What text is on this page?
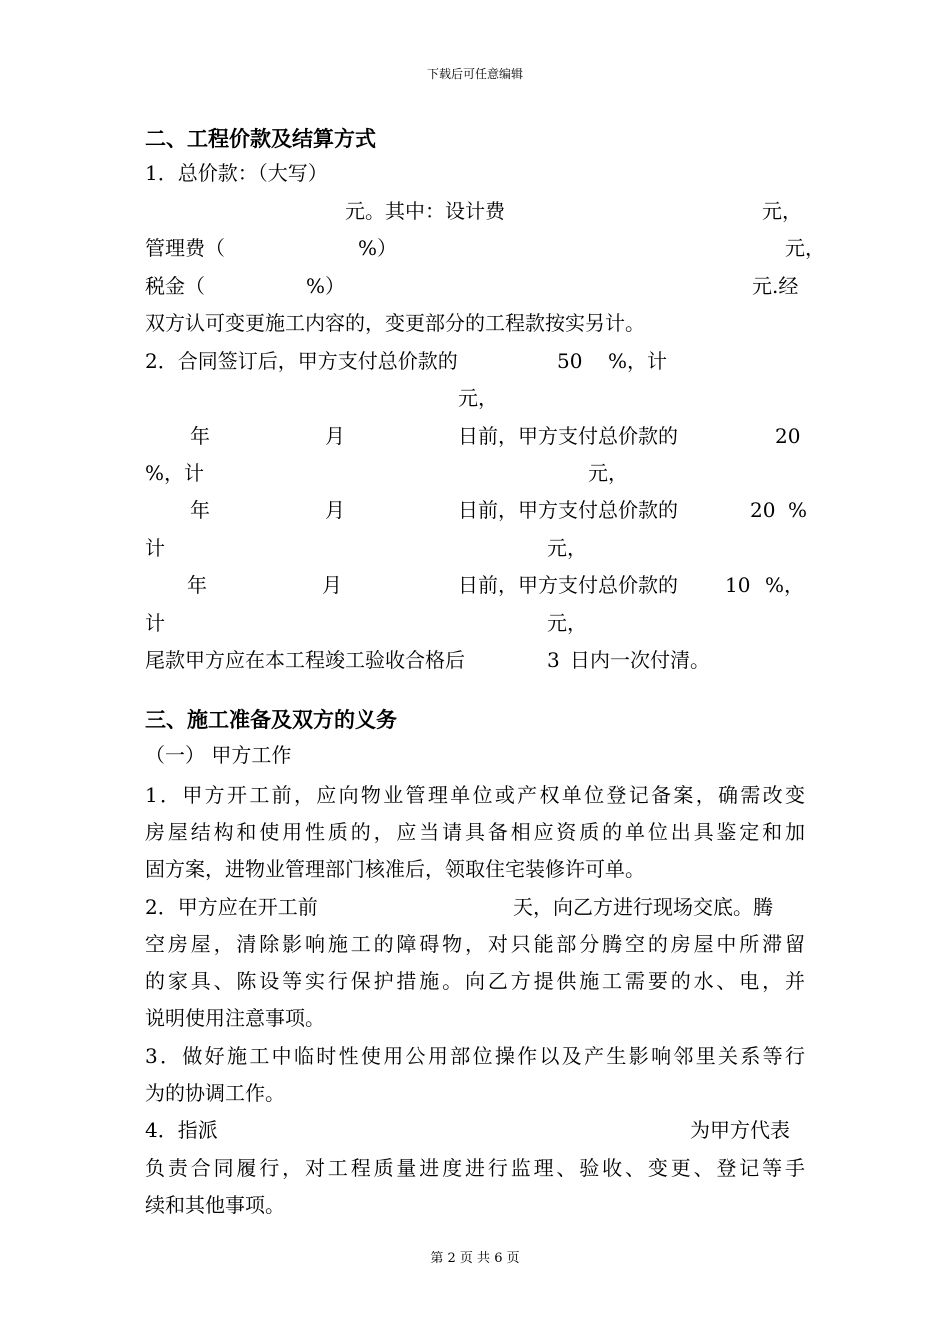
下载后可任意编辑
二、工程价款及结算方式
1．总价款：（大写）
元。其中：设计费	元，
管理费（	%）	元，
税金（	%）	元.经
双方认可变更施工内容的，变更部分的工程款按实另计。
2．合同签订后，甲方支付总价款的	50 %，计
元，
年	月	日前，甲方支付总价款的	20
%，计	元，
年	月	日前，甲方支付总价款的	20 %
计	元，
年	月	日前，甲方支付总价款的 10 %，
计	元，
尾款甲方应在本工程竣工验收合格后	3 日内一次付清。
三、施工准备及双方的义务
（一） 甲方工作
1．甲方开工前，应向物业管理单位或产权单位登记备案，确需改变
房屋结构和使用性质的，应当请具备相应资质的单位出具鉴定和加
固方案，进物业管理部门核准后，领取住宅装修许可单。
2．甲方应在开工前	天，向乙方进行现场交底。腾
空房屋，清除影响施工的障碍物，对只能部分腾空的房屋中所滞留
的家具、陈设等实行保护措施。向乙方提供施工需要的水、电，并
说明使用注意事项。
3．做好施工中临时性使用公用部位操作以及产生影响邻里关系等行
为的协调工作。
4．指派	为甲方代表
负责合同履行，对工程质量进度进行监理、验收、变更、登记等手
续和其他事项。
第 2 页 共 6 页
